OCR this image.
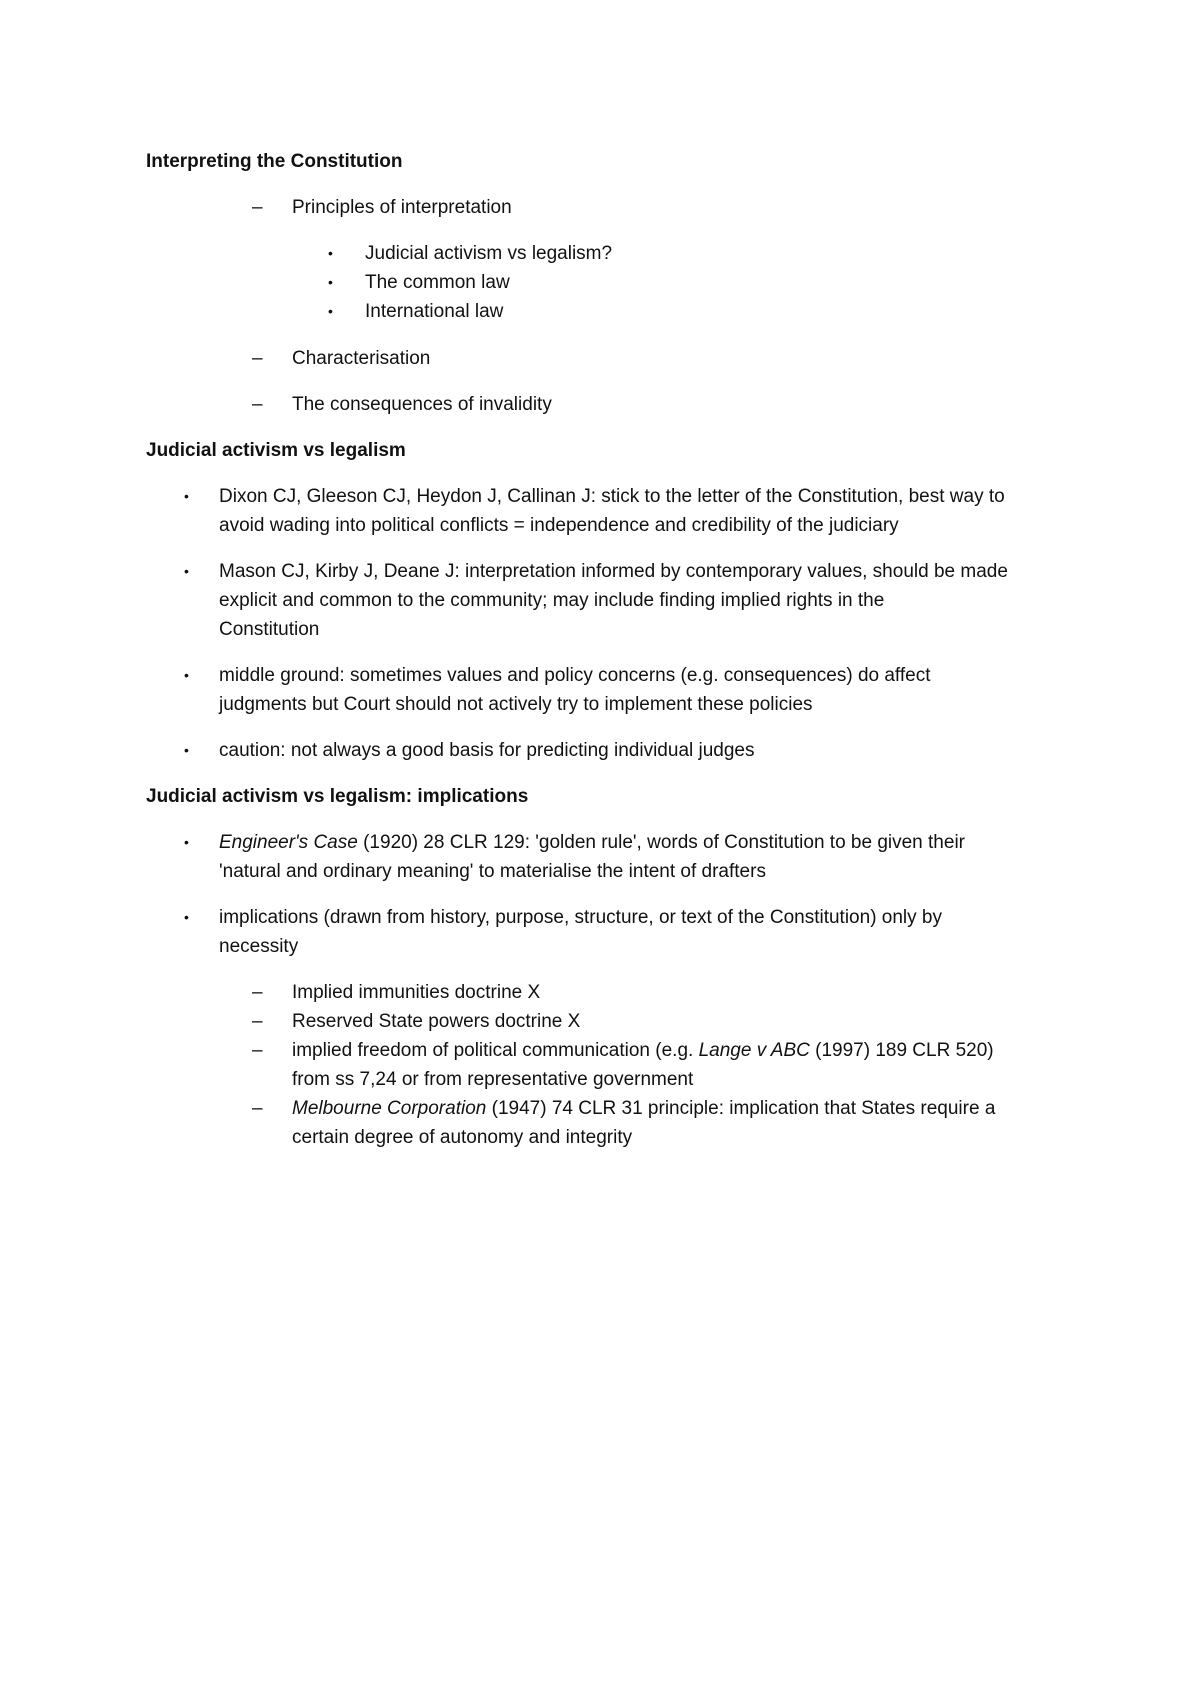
Interpreting the Constitution
– Principles of interpretation
• Judicial activism vs legalism?
• The common law
• International law
– Characterisation
– The consequences of invalidity
Judicial activism vs legalism
• Dixon CJ, Gleeson CJ, Heydon J, Callinan J: stick to the letter of the Constitution, best way to
avoid wading into political conflicts = independence and credibility of the judiciary
• Mason CJ, Kirby J, Deane J: interpretation informed by contemporary values, should be made
explicit and common to the community; may include finding implied rights in the
Constitution
• middle ground: sometimes values and policy concerns (e.g. consequences) do affect
judgments but Court should not actively try to implement these policies
• caution: not always a good basis for predicting individual judges
Judicial activism vs legalism: implications
• Engineer's Case (1920) 28 CLR 129: 'golden rule', words of Constitution to be given their
'natural and ordinary meaning' to materialise the intent of drafters
• implications (drawn from history, purpose, structure, or text of the Constitution) only by
necessity
– Implied immunities doctrine X
– Reserved State powers doctrine X
– implied freedom of political communication (e.g. Lange v ABC (1997) 189 CLR 520)
from ss 7,24 or from representative government
– Melbourne Corporation (1947) 74 CLR 31 principle: implication that States require a
certain degree of autonomy and integrity
